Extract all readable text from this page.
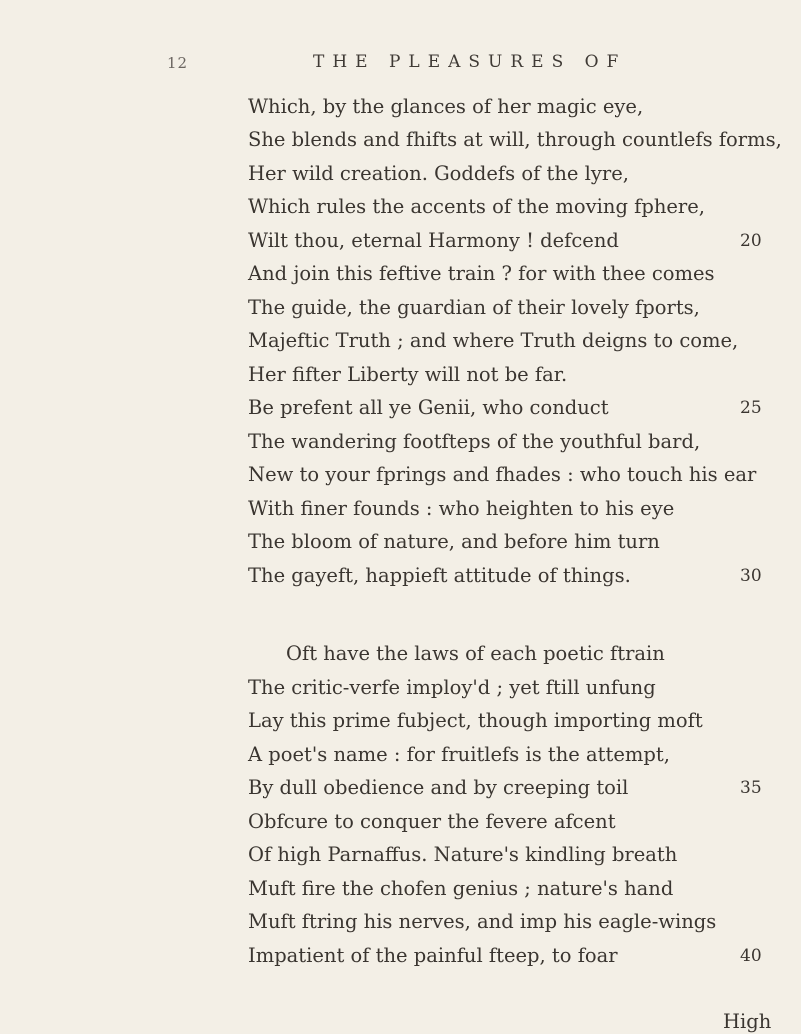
12	THE PLEASURES OF
Which, by the glances of her magic eye,
She blends and fhifts at will, through countlefs forms,
Her wild creation. Goddefs of the lyre,
Which rules the accents of the moving fphere,
Wilt thou, eternal Harmony ! defcend
And join this feftive train ? for with thee comes
The guide, the guardian of their lovely fports,
Majeftic Truth ; and where Truth deigns to come,
Her fifter Liberty will not be far.
Be prefent all ye Genii, who conduct
The wandering footfteps of the youthful bard,
New to your fprings and fhades : who touch his ear
With finer founds : who heighten to his eye
The bloom of nature, and before him turn
The gayeft, happieft attitude of things.
Oft have the laws of each poetic ftrain
The critic-verfe imploy'd ; yet ftill unfung
Lay this prime fubject, though importing moft
A poet's name : for fruitlefs is the attempt,
By dull obedience and by creeping toil
Obfcure to conquer the fevere afcent
Of high Parnaffus. Nature's kindling breath
Muft fire the chofen genius ; nature's hand
Muft ftring his nerves, and imp his eagle-wings
Impatient of the painful fteep, to foar
20
25
30
35
40
High
